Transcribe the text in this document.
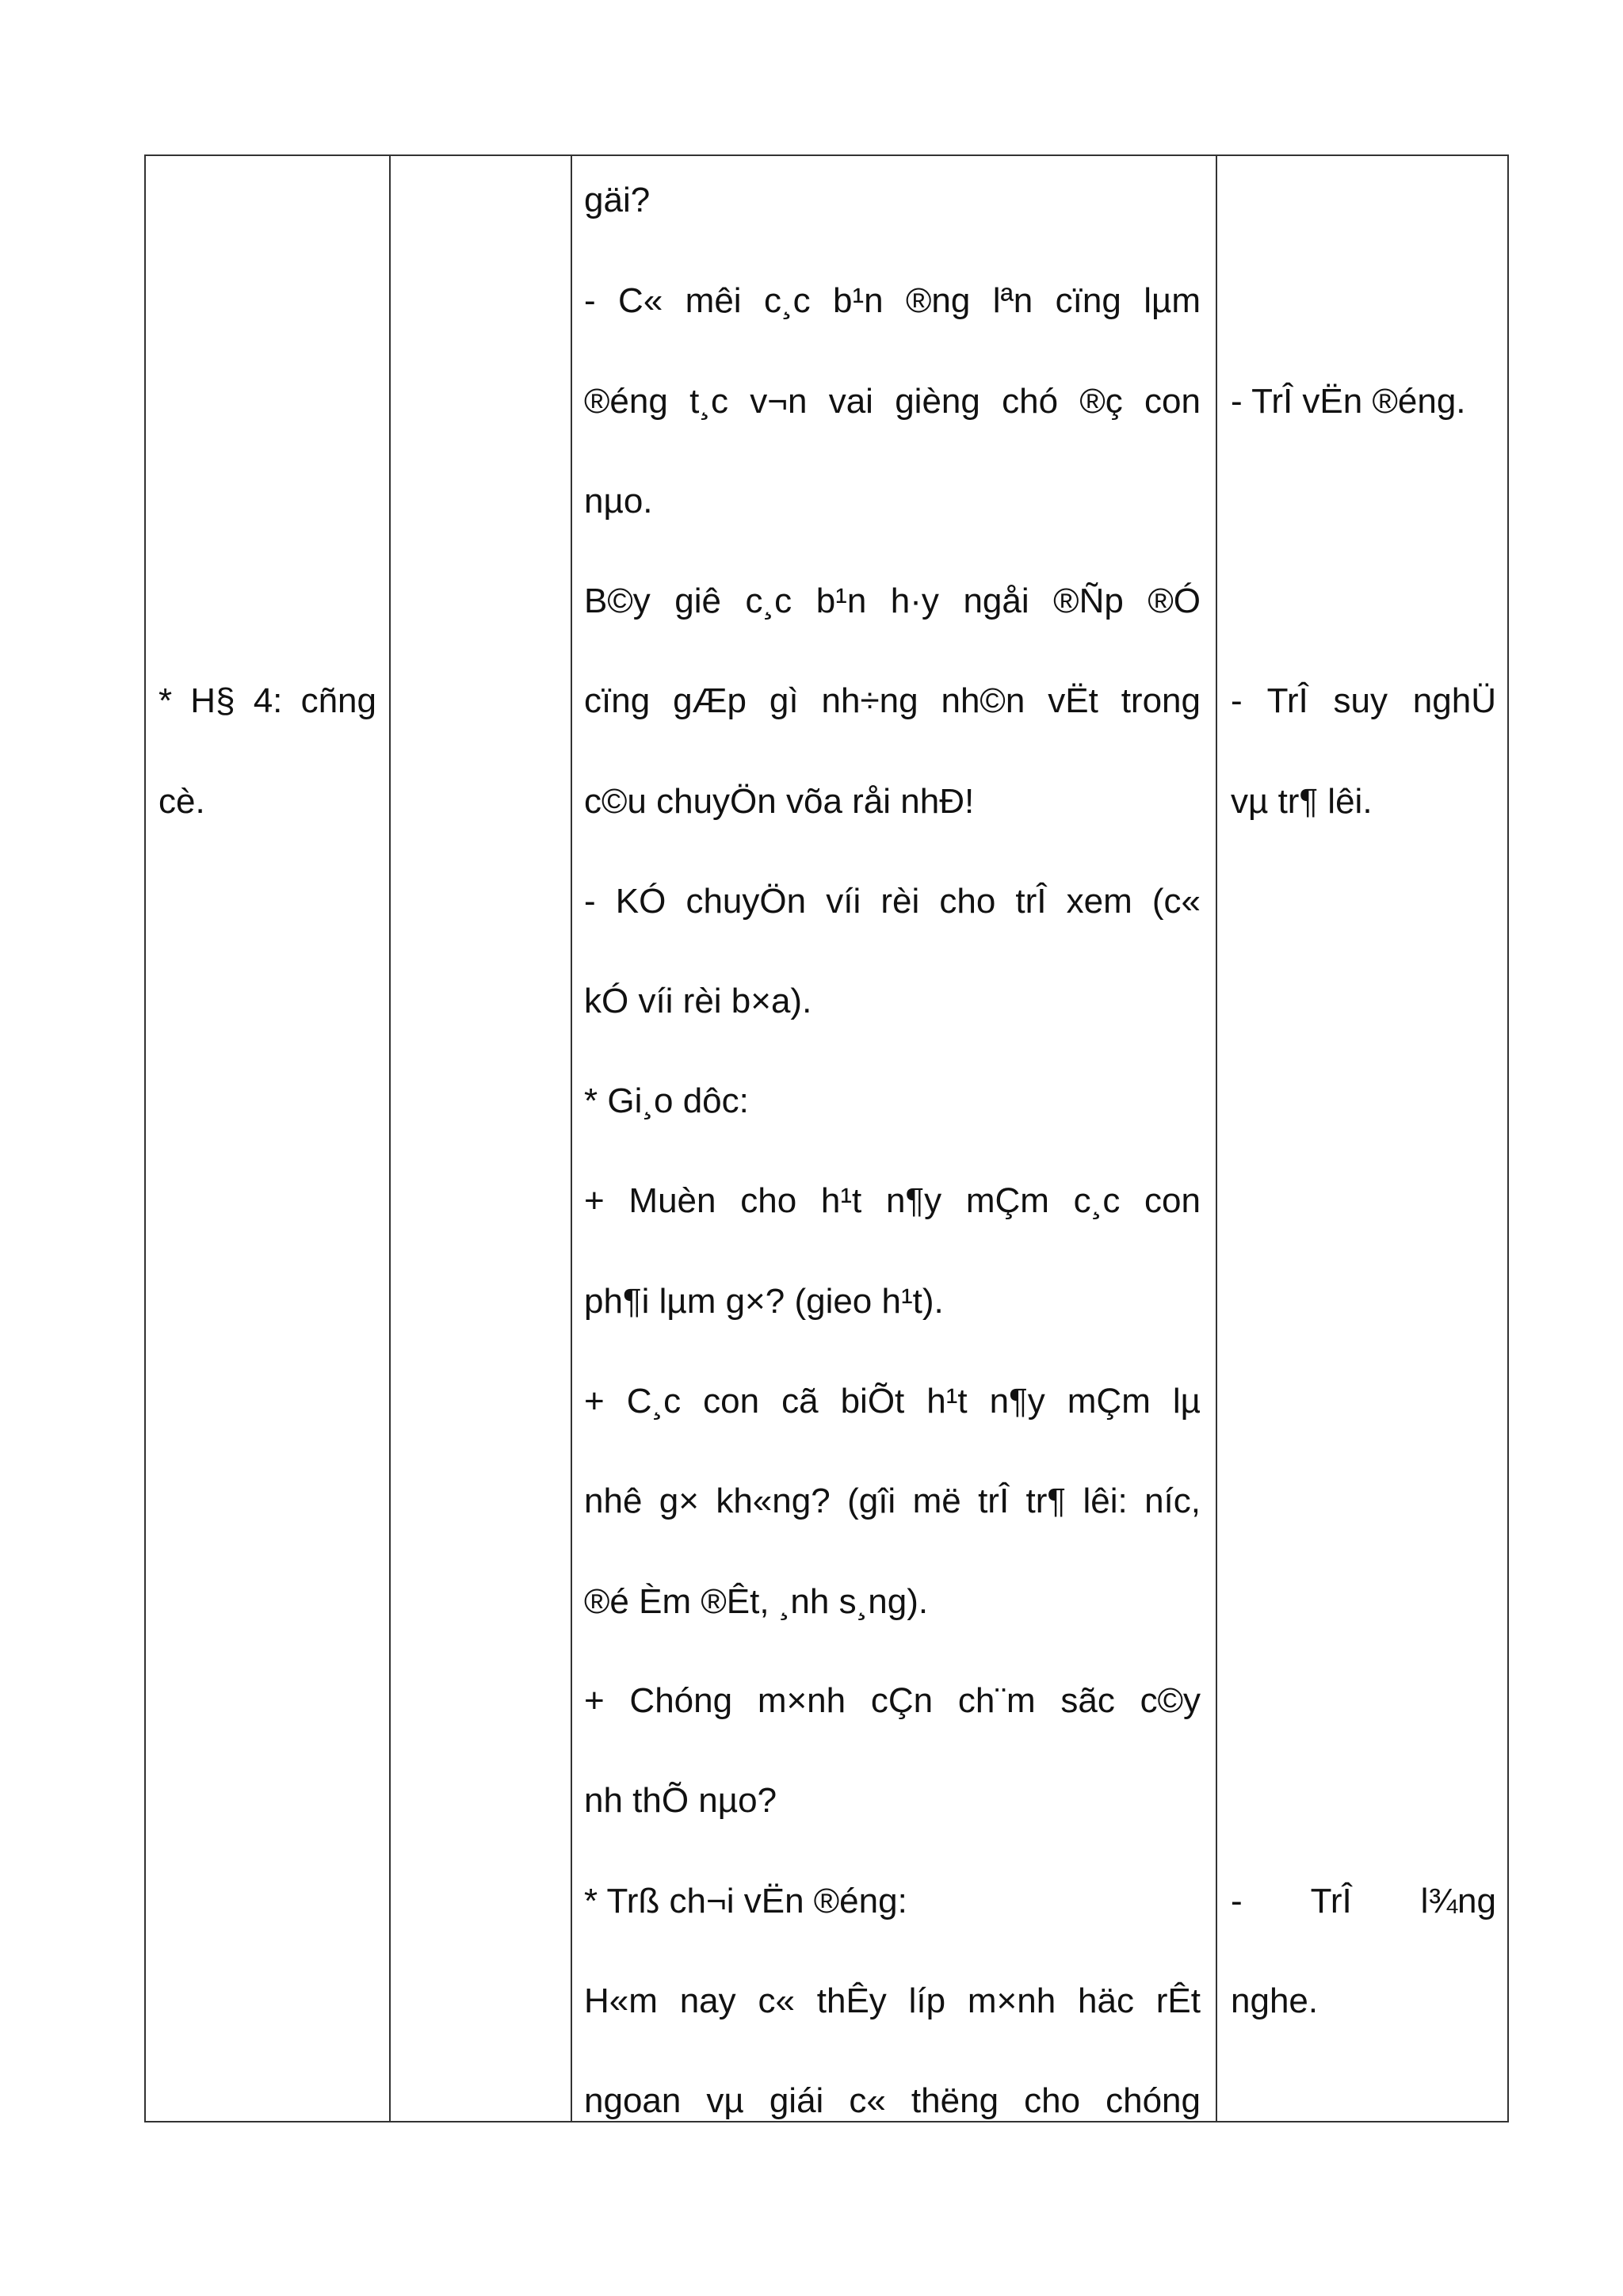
* H§ 4: cñng
cè.
gäi?
- C« mêi c¸c b¹n ®ng lªn cïng lµm
®éng t¸c v¬n vai gièng chó ®ç con
nµo.
B©y giê c¸c b¹n h·y ngåi ®Ñp ®Ó
cïng gÆp gì nh÷ng nh©n vËt trong
c©u chuyÖn võa råi nhÐ!
- KÓ chuyÖn víi rèi cho trÎ xem (c«
kÓ víi rèi b×a).
* Gi¸o dôc:
+ Muèn cho h¹t n¶y mÇm c¸c con
ph¶i lµm g×? (gieo h¹t).
+ C¸c con cã biÕt h¹t n¶y mÇm lµ
nhê g× kh«ng? (gîi më trÎ tr¶ lêi: níc,
®é Èm ®Êt, ¸nh s¸ng).
+ Chóng m×nh cÇn ch¨m sãc c©y
nh thÕ nµo?
* Trß ch¬i vËn ®éng:
H«m nay c« thÊy líp m×nh häc rÊt
ngoan vµ giái c« thëng cho chóng
- TrÎ vËn ®éng.
- TrÎ suy nghÜ
vµ tr¶ lêi.
- TrÎ l¾ng
nghe.
